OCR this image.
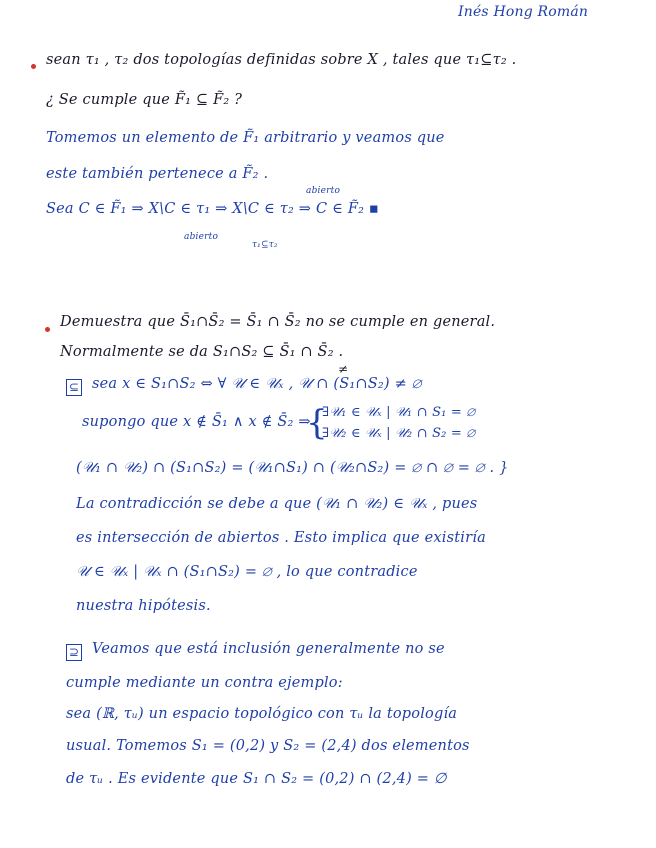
Inés Hong Román
sean τ₁ , τ₂ dos topologías definidas sobre X , tales que τ₁⊆τ₂ .
¿ Se cumple que F̃₁ ⊆ F̃₂ ?
Tomemos un elemento de F̃₁ arbitrario y veamos que
este también pertenece a F̃₂ .
abierto
Sea C ∈ F̃₁ ⇒ X\C ∈ τ₁ ⇒ X\C ∈ τ₂ ⇒ C ∈ F̃₂ ▪
abierto
τ₁⊆τ₂
Demuestra que S̄₁∩S̄₂ = S̄₁ ∩ S̄₂ no se cumple en general.
Normalmente se da S₁∩S₂ ⊆ S̄₁ ∩ S̄₂ .
≠
⊆ sea x ∈ S₁∩S₂ ⇔ ∀ 𝒰 ∈ 𝒰ₓ , 𝒰 ∩ (S₁∩S₂) ≠ ∅
supongo que x ∉ S̄₁ ∧ x ∉ S̄₂ ⇒
{
∃𝒰₁ ∈ 𝒰ₓ | 𝒰₁ ∩ S₁ = ∅
∃𝒰₂ ∈ 𝒰ₓ | 𝒰₂ ∩ S₂ = ∅
(𝒰₁ ∩ 𝒰₂) ∩ (S₁∩S₂) = (𝒰₁∩S₁) ∩ (𝒰₂∩S₂) = ∅ ∩ ∅ = ∅ . }
La contradicción se debe a que (𝒰₁ ∩ 𝒰₂) ∈ 𝒰ₓ , pues
es intersección de abiertos . Esto implica que existiría
𝒰 ∈ 𝒰ₓ | 𝒰ₓ ∩ (S₁∩S₂) = ∅ , lo que contradice
nuestra hipótesis.
⊇ Veamos que está inclusión generalmente no se
cumple mediante un contra ejemplo:
sea (ℝ, τᵤ) un espacio topológico con τᵤ la topología
usual. Tomemos S₁ = (0,2) y S₂ = (2,4) dos elementos
de τᵤ . Es evidente que S₁ ∩ S₂ = (0,2) ∩ (2,4) = ∅
